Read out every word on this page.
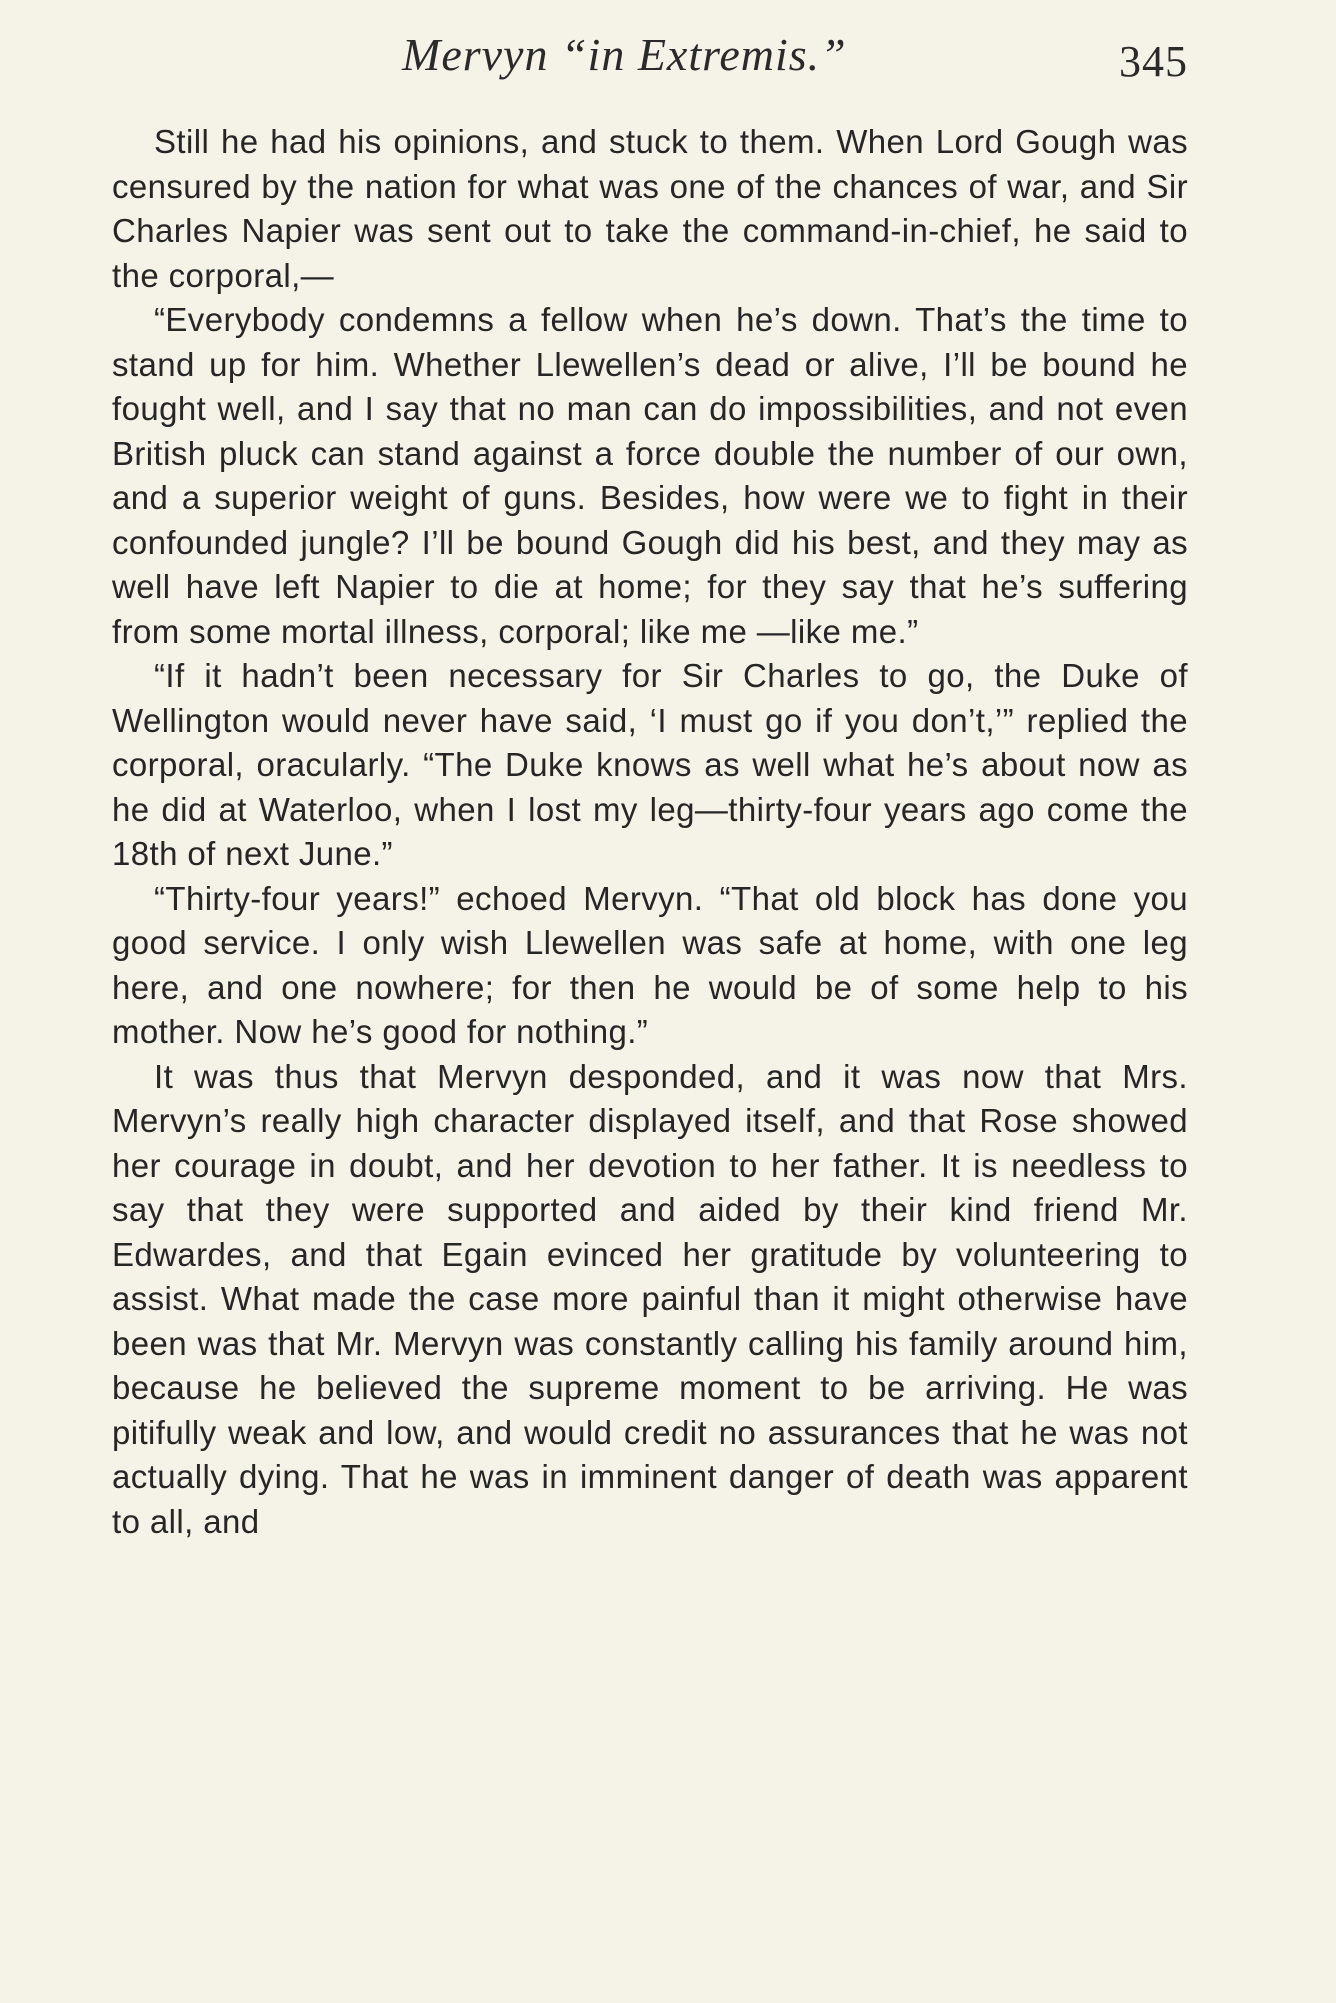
Mervyn “in Extremis.”	345

Still he had his opinions, and stuck to them. When Lord Gough was censured by the nation for what was one of the chances of war, and Sir Charles Napier was sent out to take the command-in-chief, he said to the corporal,—

“Everybody condemns a fellow when he’s down. That’s the time to stand up for him. Whether Llewellen’s dead or alive, I’ll be bound he fought well, and I say that no man can do impossibilities, and not even British pluck can stand against a force double the number of our own, and a superior weight of guns. Besides, how were we to fight in their confounded jungle? I’ll be bound Gough did his best, and they may as well have left Napier to die at home; for they say that he’s suffering from some mortal illness, corporal; like me —like me.”

“If it hadn’t been necessary for Sir Charles to go, the Duke of Wellington would never have said, ‘I must go if you don’t,’” replied the corporal, oracularly. “The Duke knows as well what he’s about now as he did at Waterloo, when I lost my leg—thirty-four years ago come the 18th of next June.”

“Thirty-four years!” echoed Mervyn. “That old block has done you good service. I only wish Llewellen was safe at home, with one leg here, and one nowhere; for then he would be of some help to his mother. Now he’s good for nothing.”

It was thus that Mervyn desponded, and it was now that Mrs. Mervyn’s really high character displayed itself, and that Rose showed her courage in doubt, and her devotion to her father. It is needless to say that they were supported and aided by their kind friend Mr. Edwardes, and that Egain evinced her gratitude by volunteering to assist. What made the case more painful than it might otherwise have been was that Mr. Mervyn was constantly calling his family around him, because he believed the supreme moment to be arriving. He was pitifully weak and low, and would credit no assurances that he was not actually dying. That he was in imminent danger of death was apparent to all, and
